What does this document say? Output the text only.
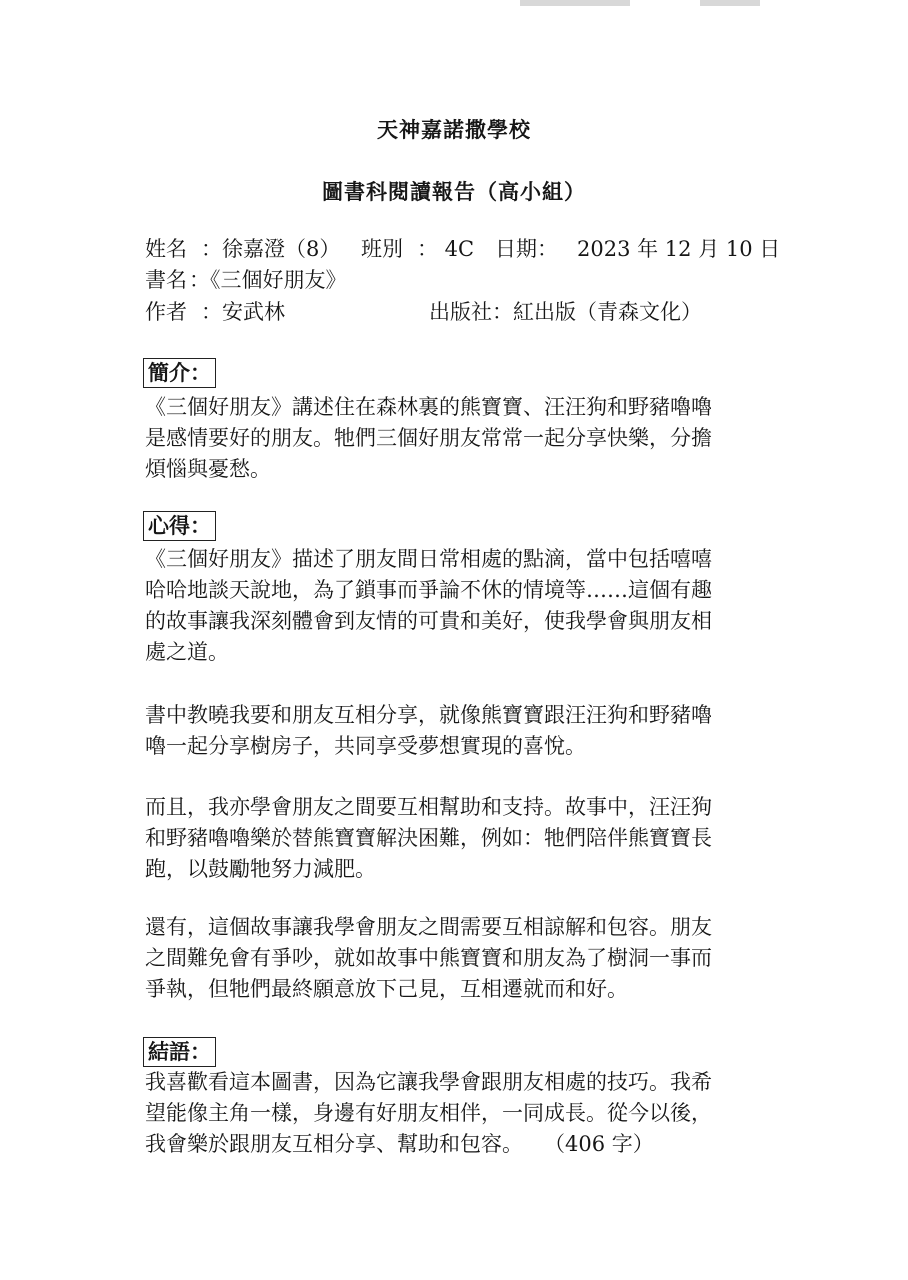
天神嘉諾撒學校
圖書科閱讀報告（高小組）
姓名 ：徐嘉澄（8） 班別 ： 4C 日期： 2023 年 12 月 10 日
書名 ：《三個好朋友》
作者 ：安武林	出版社 ：紅出版（青森文化）
簡介：
《三個好朋友》講述住在森林裏的熊寶寶、汪汪狗和野豬嚕嚕
是感情要好的朋友。牠們三個好朋友常常一起分享快樂，分擔
煩惱與憂愁。
心得：
《三個好朋友》描述了朋友間日常相處的點滴，當中包括嘻嘻
哈哈地談天說地，為了鎖事而爭論不休的情境等……這個有趣
的故事讓我深刻體會到友情的可貴和美好，使我學會與朋友相
處之道。
書中教曉我要和朋友互相分享，就像熊寶寶跟汪汪狗和野豬嚕
嚕一起分享樹房子，共同享受夢想實現的喜悅。
而且，我亦學會朋友之間要互相幫助和支持。故事中，汪汪狗
和野豬嚕嚕樂於替熊寶寶解決困難，例如：牠們陪伴熊寶寶長
跑，以鼓勵牠努力減肥。
還有，這個故事讓我學會朋友之間需要互相諒解和包容。朋友
之間難免會有爭吵，就如故事中熊寶寶和朋友為了樹洞一事而
爭執，但牠們最終願意放下己見，互相遷就而和好。
結語：
我喜歡看這本圖書，因為它讓我學會跟朋友相處的技巧。我希
望能像主角一樣，身邊有好朋友相伴，一同成長。從今以後，
我會樂於跟朋友互相分享、幫助和包容。　　（406 字）
